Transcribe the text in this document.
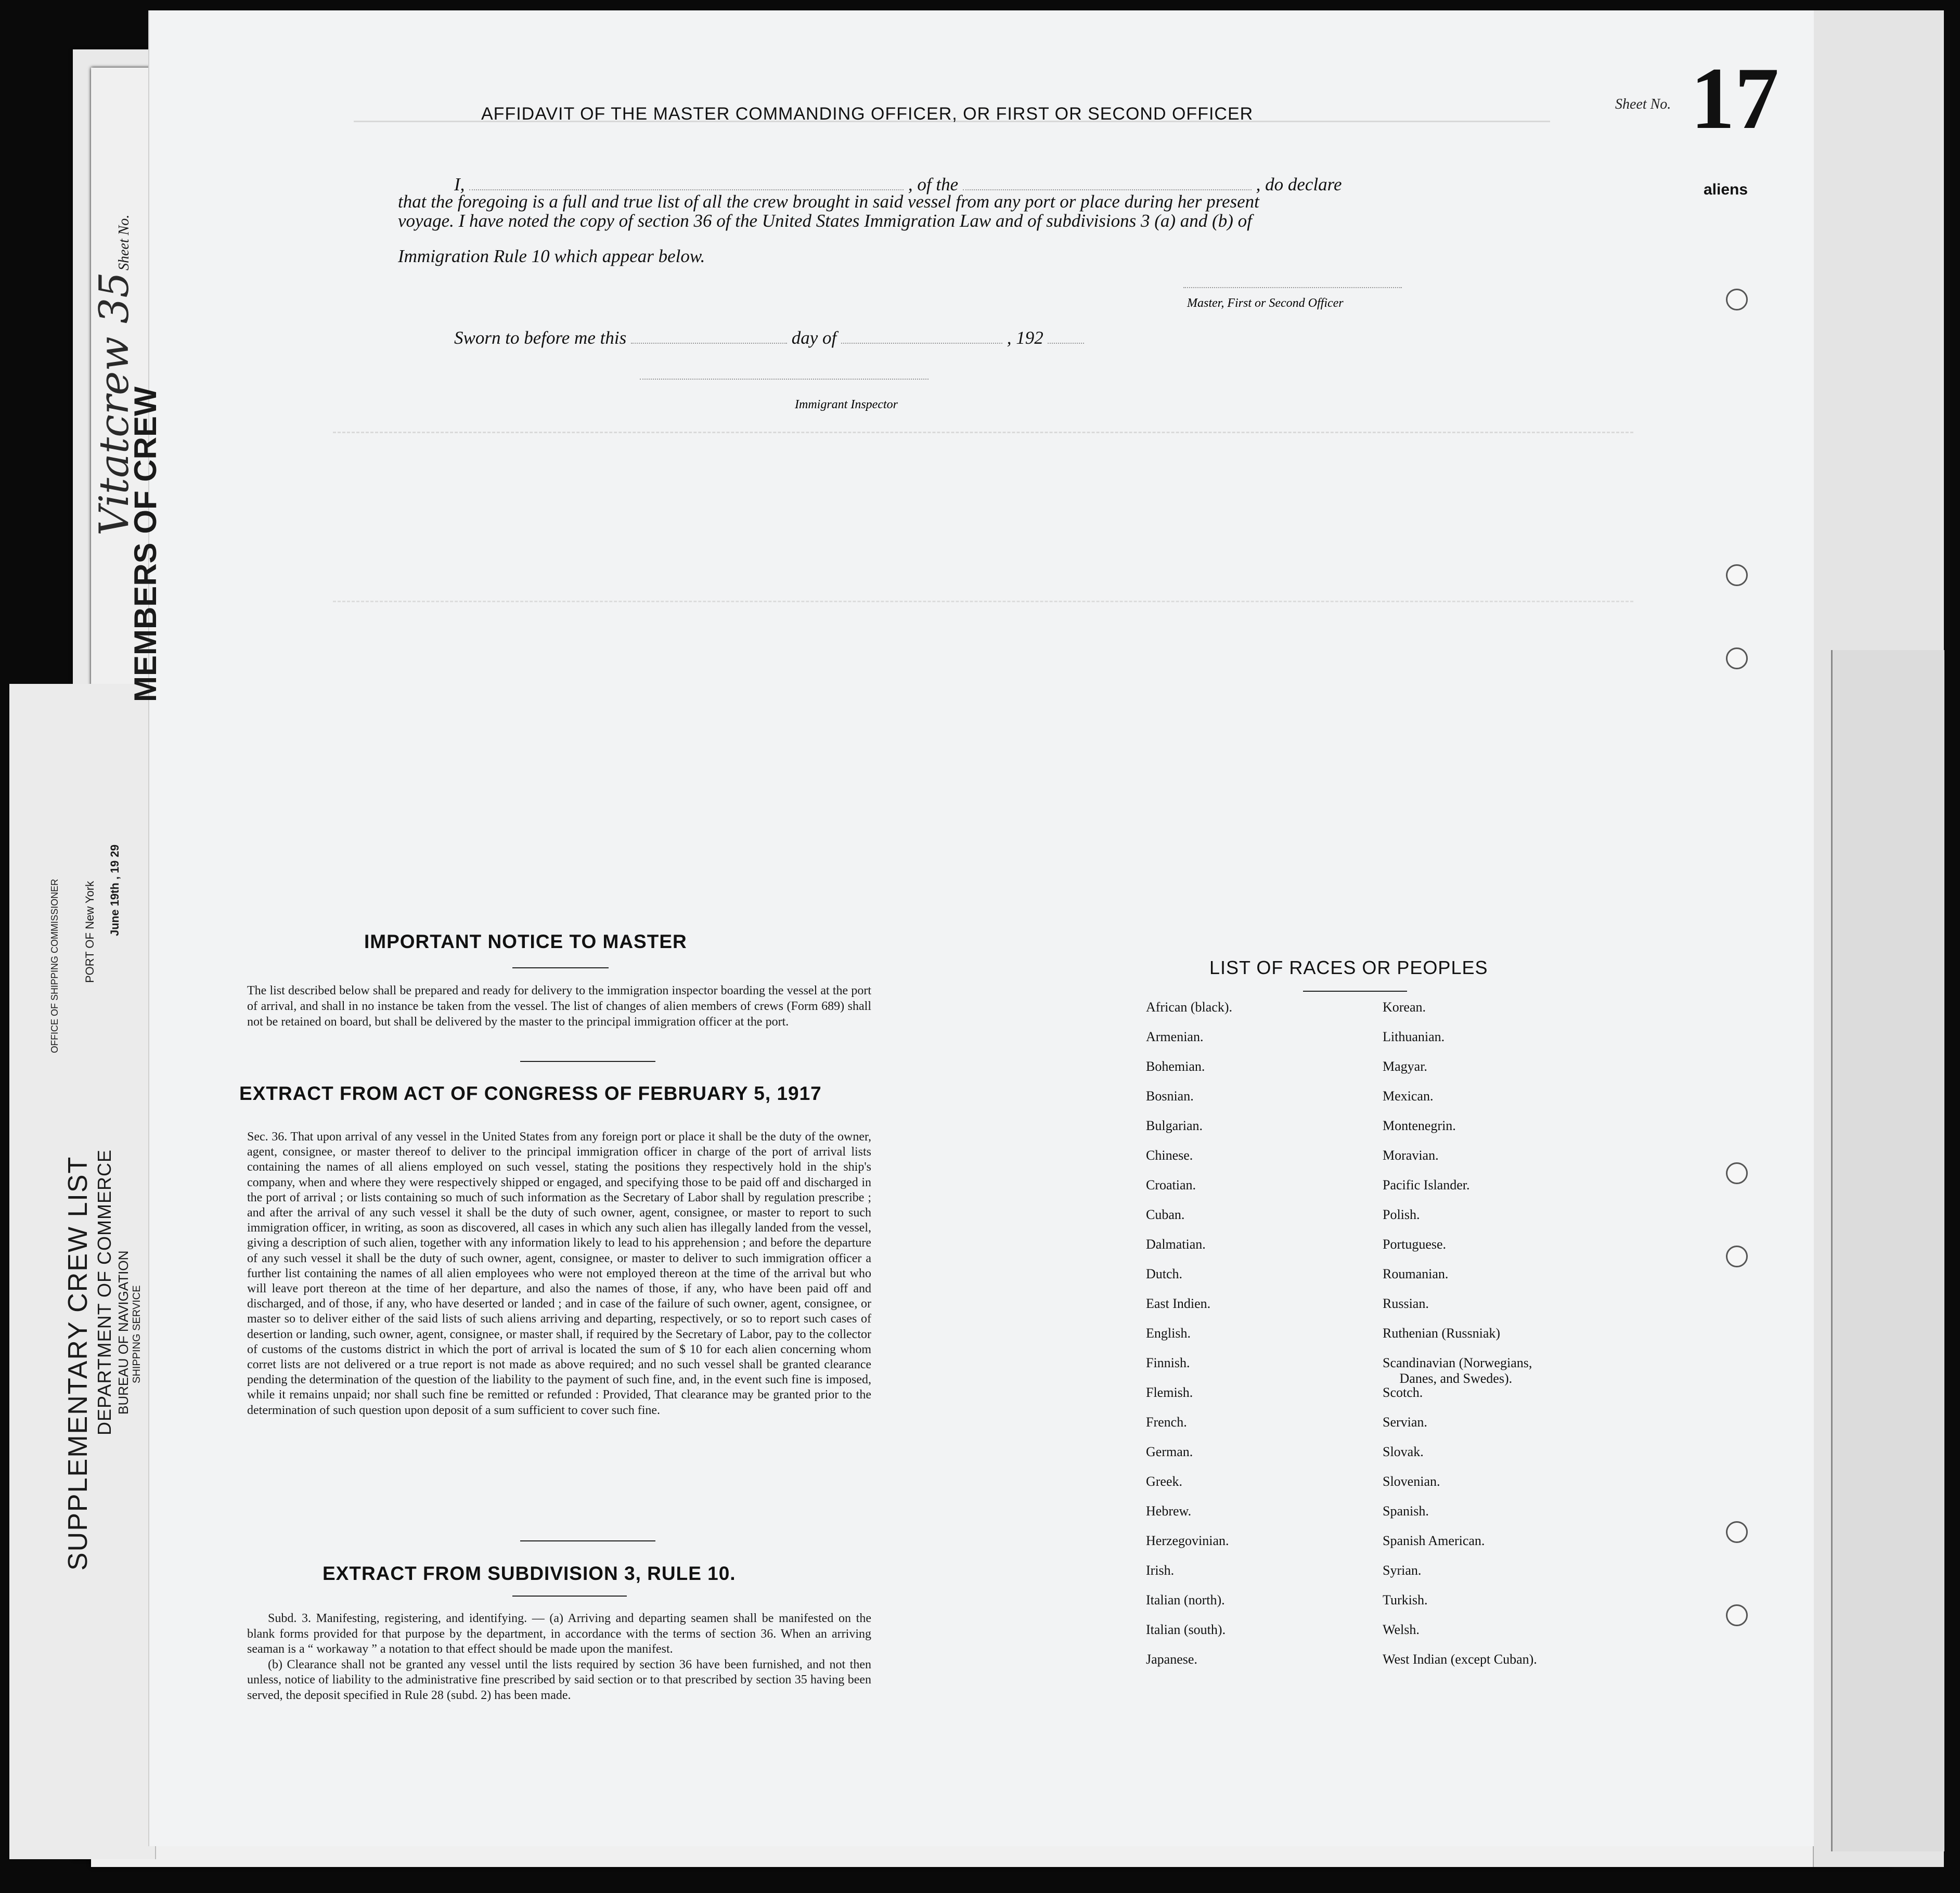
SUPPLEMENTARY CREW LIST DEPARTMENT OF COMMERCE BUREAU OF NAVIGATION SHIPPING SERVICE
OFFICE OF SHIPPING COMMISSIONER PORT OF New York June 19th , 19 29
MEMBERS OF CREW
Sheet No.
Vitatcrew 35
AFFIDAVIT OF THE MASTER COMMANDING OFFICER, OR FIRST OR SECOND OFFICER	Sheet No. 17
aliens
I,	, of the	, do declare
that the foregoing is a full and true list of all the crew brought in said vessel from any port or place during her present
voyage. I have noted the copy of section 36 of the United States Immigration Law and of subdivisions 3 (a) and (b) of
Immigration Rule 10 which appear below.
Master, First or Second Officer
Sworn to before me this	day of	, 192
Immigrant Inspector
IMPORTANT NOTICE TO MASTER
The list described below shall be prepared and ready for delivery to the immigration inspector boarding the vessel at the port of arrival, and shall in no instance be taken from the vessel. The list of changes of alien members of crews (Form 689) shall not be retained on board, but shall be delivered by the master to the principal immigration officer at the port.
EXTRACT FROM ACT OF CONGRESS OF FEBRUARY 5, 1917
Sec. 36. That upon arrival of any vessel in the United States from any foreign port or place it shall be the duty of the owner, agent, consignee, or master thereof to deliver to the principal immigration officer in charge of the port of arrival lists containing the names of all aliens employed on such vessel, stating the positions they respectively hold in the ship's company, when and where they were respectively shipped or engaged, and specifying those to be paid off and discharged in the port of arrival ; or lists containing so much of such information as the Secretary of Labor shall by regulation prescribe ; and after the arrival of any such vessel it shall be the duty of such owner, agent, consignee, or master to report to such immigration officer, in writing, as soon as discovered, all cases in which any such alien has illegally landed from the vessel, giving a description of such alien, together with any information likely to lead to his apprehension ; and before the departure of any such vessel it shall be the duty of such owner, agent, consignee, or master to deliver to such immigration officer a further list containing the names of all alien employees who were not employed thereon at the time of the arrival but who will leave port thereon at the time of her departure, and also the names of those, if any, who have been paid off and discharged, and of those, if any, who have deserted or landed ; and in case of the failure of such owner, agent, consignee, or master so to deliver either of the said lists of such aliens arriving and departing, respectively, or so to report such cases of desertion or landing, such owner, agent, consignee, or master shall, if required by the Secretary of Labor, pay to the collector of customs of the customs district in which the port of arrival is located the sum of $ 10 for each alien concerning whom corret lists are not delivered or a true report is not made as above required; and no such vessel shall be granted clearance pending the determination of the question of the liability to the payment of such fine, and, in the event such fine is imposed, while it remains unpaid; nor shall such fine be remitted or refunded : Provided, That clearance may be granted prior to the determination of such question upon deposit of a sum sufficient to cover such fine.
EXTRACT FROM SUBDIVISION 3, RULE 10.
Subd. 3. Manifesting, registering, and identifying. — (a) Arriving and departing seamen shall be manifested on the blank forms provided for that purpose by the department, in accordance with the terms of section 36. When an arriving seaman is a “ workaway ” a notation to that effect should be made upon the manifest.
(b) Clearance shall not be granted any vessel until the lists required by section 36 have been furnished, and not then unless, notice of liability to the administrative fine prescribed by said section or to that prescribed by section 35 having been served, the deposit specified in Rule 28 (subd. 2) has been made.
LIST OF RACES OR PEOPLES
African (black).
Armenian.
Bohemian.
Bosnian.
Bulgarian.
Chinese.
Croatian.
Cuban.
Dalmatian.
Dutch.
East Indien.
English.
Finnish.
Flemish.
French.
German.
Greek.
Hebrew.
Herzegovinian.
Irish.
Italian (north).
Italian (south).
Japanese.
Korean.
Lithuanian.
Magyar.
Mexican.
Montenegrin.
Moravian.
Pacific Islander.
Polish.
Portuguese.
Roumanian.
Russian.
Ruthenian (Russniak)
Scandinavian (Norwegians,
Danes, and Swedes).
Scotch.
Servian.
Slovak.
Slovenian.
Spanish.
Spanish American.
Syrian.
Turkish.
Welsh.
West Indian (except Cuban).
